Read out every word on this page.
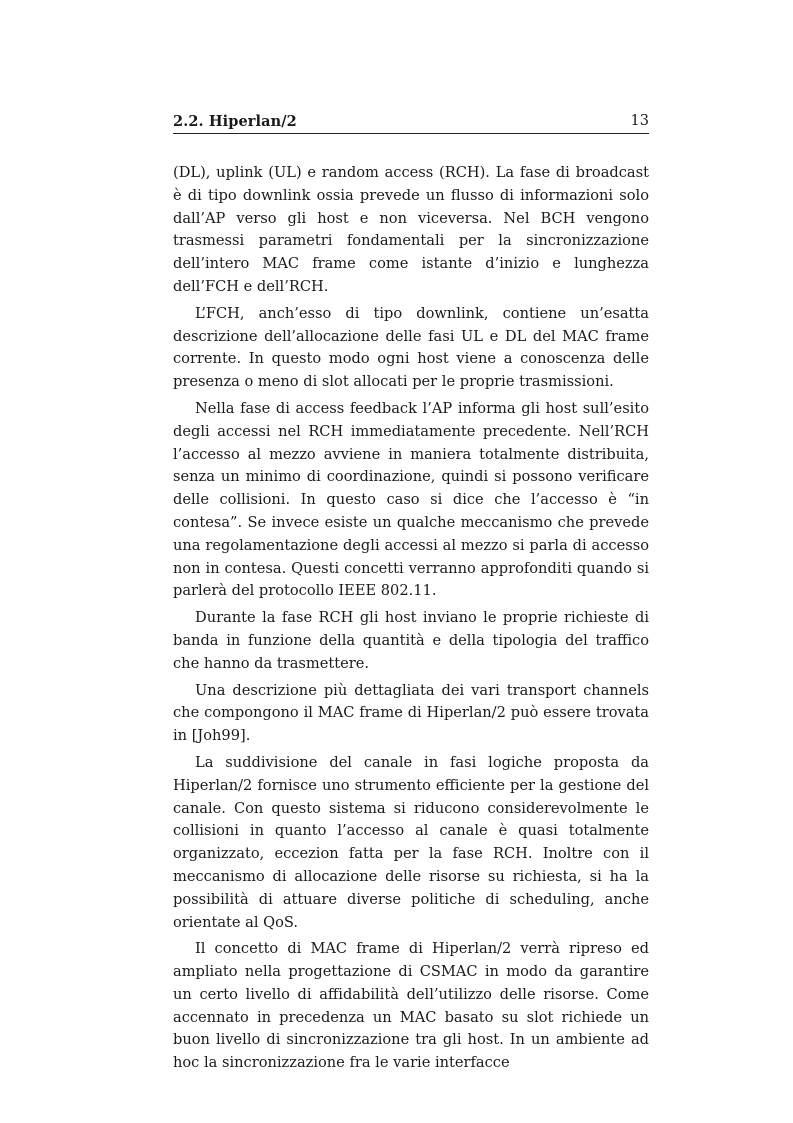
2.2. Hiperlan/2	13

(DL), uplink (UL) e random access (RCH). La fase di broadcast è di tipo downlink ossia prevede un flusso di informazioni solo dall’AP verso gli host e non viceversa. Nel BCH vengono trasmessi parametri fondamentali per la sincronizzazione dell’intero MAC frame come istante d’inizio e lunghezza dell’FCH e dell’RCH.

L’FCH, anch’esso di tipo downlink, contiene un’esatta descrizione dell’allocazione delle fasi UL e DL del MAC frame corrente. In questo modo ogni host viene a conoscenza delle presenza o meno di slot allocati per le proprie trasmissioni.

Nella fase di access feedback l’AP informa gli host sull’esito degli accessi nel RCH immediatamente precedente. Nell’RCH l’accesso al mezzo avviene in maniera totalmente distribuita, senza un minimo di coordinazione, quindi si possono verificare delle collisioni. In questo caso si dice che l’accesso è “in contesa”. Se invece esiste un qualche meccanismo che prevede una regolamentazione degli accessi al mezzo si parla di accesso non in contesa. Questi concetti verranno approfonditi quando si parlerà del protocollo IEEE 802.11.

Durante la fase RCH gli host inviano le proprie richieste di banda in funzione della quantità e della tipologia del traffico che hanno da trasmettere.

Una descrizione più dettagliata dei vari transport channels che compongono il MAC frame di Hiperlan/2 può essere trovata in [Joh99].

La suddivisione del canale in fasi logiche proposta da Hiperlan/2 fornisce uno strumento efficiente per la gestione del canale. Con questo sistema si riducono considerevolmente le collisioni in quanto l’accesso al canale è quasi totalmente organizzato, eccezion fatta per la fase RCH. Inoltre con il meccanismo di allocazione delle risorse su richiesta, si ha la possibilità di attuare diverse politiche di scheduling, anche orientate al QoS.

Il concetto di MAC frame di Hiperlan/2 verrà ripreso ed ampliato nella progettazione di CSMAC in modo da garantire un certo livello di affidabilità dell’utilizzo delle risorse. Come accennato in precedenza un MAC basato su slot richiede un buon livello di sincronizzazione tra gli host. In un ambiente ad hoc la sincronizzazione fra le varie interfacce
